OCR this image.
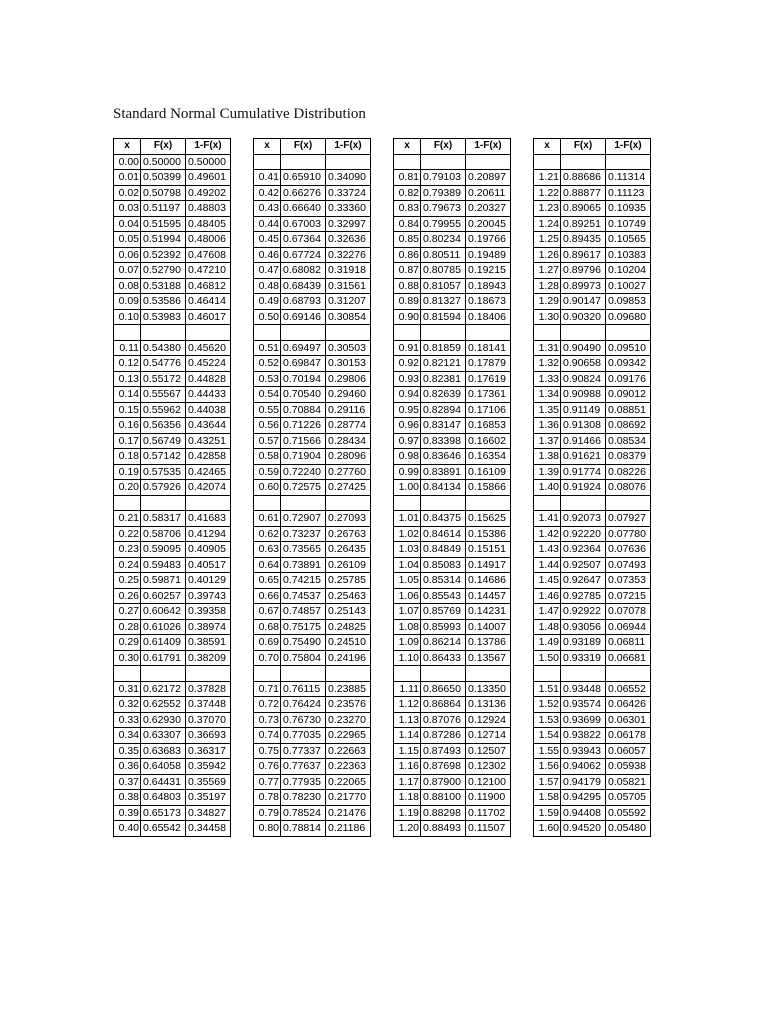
Standard Normal Cumulative Distribution
x	F(x)	1-F(x)		x	F(x)	1-F(x)		x	F(x)	1-F(x)		x	F(x)	1-F(x)
0.00	0.50000	0.50000												
0.01	0.50399	0.49601		0.41	0.65910	0.34090		0.81	0.79103	0.20897		1.21	0.88686	0.11314
0.02	0.50798	0.49202		0.42	0.66276	0.33724		0.82	0.79389	0.20611		1.22	0.88877	0.11123
0.03	0.51197	0.48803		0.43	0.66640	0.33360		0.83	0.79673	0.20327		1.23	0.89065	0.10935
0.04	0.51595	0.48405		0.44	0.67003	0.32997		0.84	0.79955	0.20045		1.24	0.89251	0.10749
0.05	0.51994	0.48006		0.45	0.67364	0.32636		0.85	0.80234	0.19766		1.25	0.89435	0.10565
0.06	0.52392	0.47608		0.46	0.67724	0.32276		0.86	0.80511	0.19489		1.26	0.89617	0.10383
0.07	0.52790	0.47210		0.47	0.68082	0.31918		0.87	0.80785	0.19215		1.27	0.89796	0.10204
0.08	0.53188	0.46812		0.48	0.68439	0.31561		0.88	0.81057	0.18943		1.28	0.89973	0.10027
0.09	0.53586	0.46414		0.49	0.68793	0.31207		0.89	0.81327	0.18673		1.29	0.90147	0.09853
0.10	0.53983	0.46017		0.50	0.69146	0.30854		0.90	0.81594	0.18406		1.30	0.90320	0.09680

0.11	0.54380	0.45620		0.51	0.69497	0.30503		0.91	0.81859	0.18141		1.31	0.90490	0.09510
0.12	0.54776	0.45224		0.52	0.69847	0.30153		0.92	0.82121	0.17879		1.32	0.90658	0.09342
0.13	0.55172	0.44828		0.53	0.70194	0.29806		0.93	0.82381	0.17619		1.33	0.90824	0.09176
0.14	0.55567	0.44433		0.54	0.70540	0.29460		0.94	0.82639	0.17361		1.34	0.90988	0.09012
0.15	0.55962	0.44038		0.55	0.70884	0.29116		0.95	0.82894	0.17106		1.35	0.91149	0.08851
0.16	0.56356	0.43644		0.56	0.71226	0.28774		0.96	0.83147	0.16853		1.36	0.91308	0.08692
0.17	0.56749	0.43251		0.57	0.71566	0.28434		0.97	0.83398	0.16602		1.37	0.91466	0.08534
0.18	0.57142	0.42858		0.58	0.71904	0.28096		0.98	0.83646	0.16354		1.38	0.91621	0.08379
0.19	0.57535	0.42465		0.59	0.72240	0.27760		0.99	0.83891	0.16109		1.39	0.91774	0.08226
0.20	0.57926	0.42074		0.60	0.72575	0.27425		1.00	0.84134	0.15866		1.40	0.91924	0.08076

0.21	0.58317	0.41683		0.61	0.72907	0.27093		1.01	0.84375	0.15625		1.41	0.92073	0.07927
0.22	0.58706	0.41294		0.62	0.73237	0.26763		1.02	0.84614	0.15386		1.42	0.92220	0.07780
0.23	0.59095	0.40905		0.63	0.73565	0.26435		1.03	0.84849	0.15151		1.43	0.92364	0.07636
0.24	0.59483	0.40517		0.64	0.73891	0.26109		1.04	0.85083	0.14917		1.44	0.92507	0.07493
0.25	0.59871	0.40129		0.65	0.74215	0.25785		1.05	0.85314	0.14686		1.45	0.92647	0.07353
0.26	0.60257	0.39743		0.66	0.74537	0.25463		1.06	0.85543	0.14457		1.46	0.92785	0.07215
0.27	0.60642	0.39358		0.67	0.74857	0.25143		1.07	0.85769	0.14231		1.47	0.92922	0.07078
0.28	0.61026	0.38974		0.68	0.75175	0.24825		1.08	0.85993	0.14007		1.48	0.93056	0.06944
0.29	0.61409	0.38591		0.69	0.75490	0.24510		1.09	0.86214	0.13786		1.49	0.93189	0.06811
0.30	0.61791	0.38209		0.70	0.75804	0.24196		1.10	0.86433	0.13567		1.50	0.93319	0.06681

0.31	0.62172	0.37828		0.71	0.76115	0.23885		1.11	0.86650	0.13350		1.51	0.93448	0.06552
0.32	0.62552	0.37448		0.72	0.76424	0.23576		1.12	0.86864	0.13136		1.52	0.93574	0.06426
0.33	0.62930	0.37070		0.73	0.76730	0.23270		1.13	0.87076	0.12924		1.53	0.93699	0.06301
0.34	0.63307	0.36693		0.74	0.77035	0.22965		1.14	0.87286	0.12714		1.54	0.93822	0.06178
0.35	0.63683	0.36317		0.75	0.77337	0.22663		1.15	0.87493	0.12507		1.55	0.93943	0.06057
0.36	0.64058	0.35942		0.76	0.77637	0.22363		1.16	0.87698	0.12302		1.56	0.94062	0.05938
0.37	0.64431	0.35569		0.77	0.77935	0.22065		1.17	0.87900	0.12100		1.57	0.94179	0.05821
0.38	0.64803	0.35197		0.78	0.78230	0.21770		1.18	0.88100	0.11900		1.58	0.94295	0.05705
0.39	0.65173	0.34827		0.79	0.78524	0.21476		1.19	0.88298	0.11702		1.59	0.94408	0.05592
0.40	0.65542	0.34458		0.80	0.78814	0.21186		1.20	0.88493	0.11507		1.60	0.94520	0.05480
